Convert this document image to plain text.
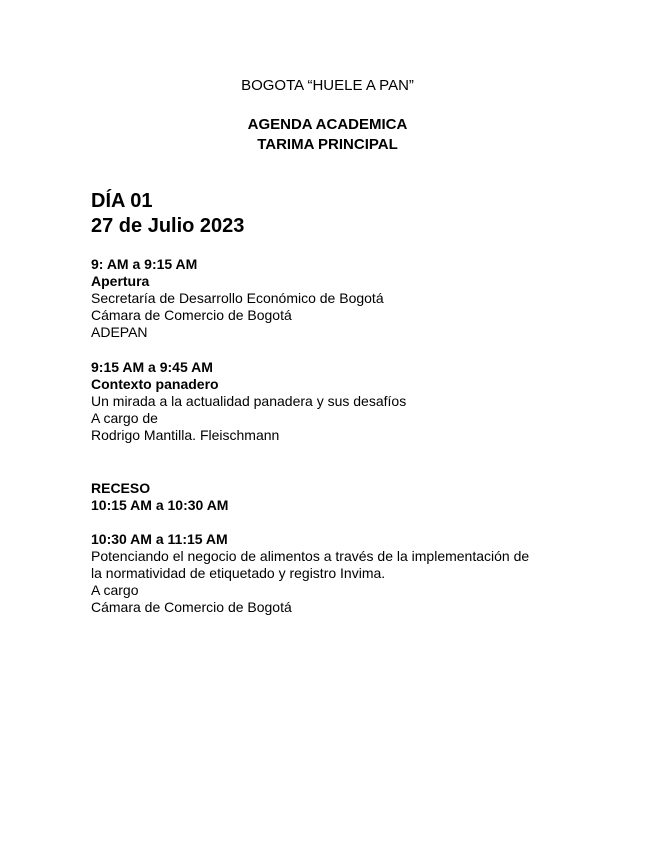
BOGOTA “HUELE A PAN”
AGENDA ACADEMICA
TARIMA PRINCIPAL
DÍA 01
27 de Julio 2023
9: AM a 9:15 AM
Apertura
Secretaría de Desarrollo Económico de Bogotá
Cámara de Comercio de Bogotá
ADEPAN
9:15 AM a 9:45 AM
Contexto panadero
Un mirada a la actualidad panadera y sus desafíos
A cargo de
Rodrigo Mantilla. Fleischmann
RECESO
10:15 AM a 10:30 AM
10:30 AM a 11:15 AM
Potenciando el negocio de alimentos a través de la implementación de
la normatividad de etiquetado y registro Invima.
A cargo
Cámara de Comercio de Bogotá
